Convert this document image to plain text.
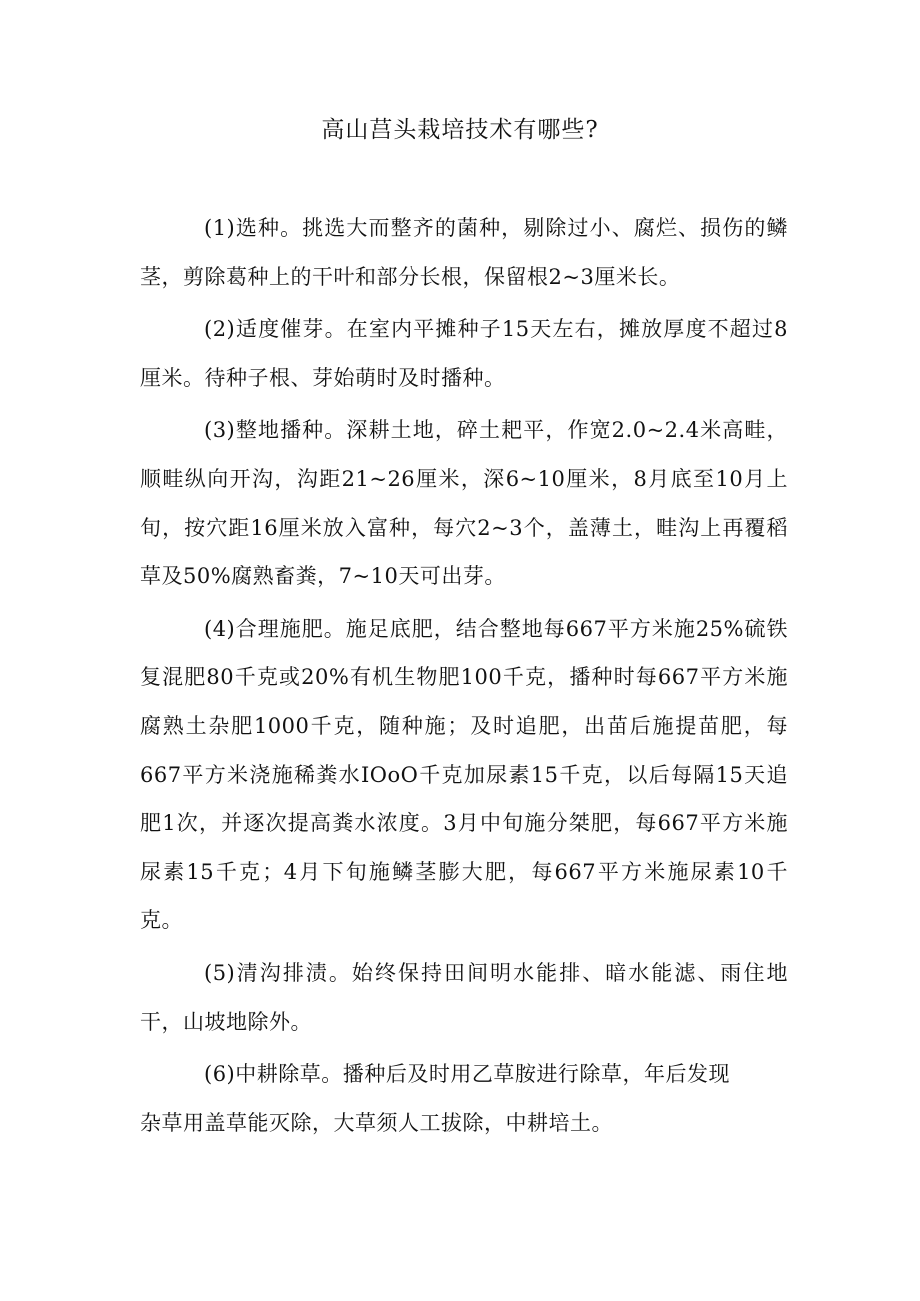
高山莒头栽培技术有哪些?

(1)选种。挑选大而整齐的菌种，剔除过小、腐烂、损伤的鳞茎，剪除葛种上的干叶和部分长根，保留根2~3厘米长。

(2)适度催芽。在室内平摊种子15天左右，摊放厚度不超过8厘米。待种子根、芽始萌时及时播种。

(3)整地播种。深耕土地，碎土耙平，作宽2.0~2.4米高畦，顺畦纵向开沟，沟距21~26厘米，深6~10厘米，8月底至10月上旬，按穴距16厘米放入富种，每穴2~3个，盖薄土，畦沟上再覆稻草及50%腐熟畜粪，7~10天可出芽。

(4)合理施肥。施足底肥，结合整地每667平方米施25%硫铁复混肥80千克或20%有机生物肥100千克，播种时每667平方米施腐熟土杂肥1000千克，随种施；及时追肥，出苗后施提苗肥，每667平方米浇施稀粪水IOoO千克加尿素15千克，以后每隔15天追肥1次，并逐次提高粪水浓度。3月中旬施分桀肥，每667平方米施尿素15千克；4月下旬施鳞茎膨大肥，每667平方米施尿素10千克。

(5)清沟排渍。始终保持田间明水能排、暗水能滤、雨住地干，山坡地除外。

(6)中耕除草。播种后及时用乙草胺进行除草，年后发现杂草用盖草能灭除，大草须人工拔除，中耕培土。
